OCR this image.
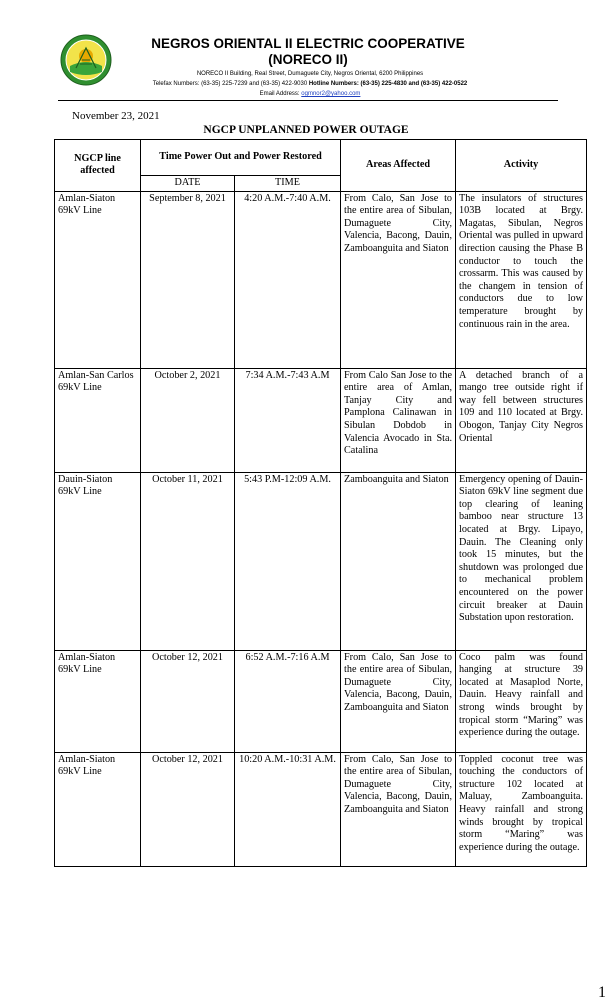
NEGROS ORIENTAL II ELECTRIC COOPERATIVE
(NORECO II)
NORECO II Building, Real Street, Dumaguete City, Negros Oriental, 6200 Philippines
Telefax Numbers: (63-35) 225-7239 and (63-35) 422-9030 Hotline Numbers: (63-35) 225-4830 and (63-35) 422-0522
Email Address: ogmnor2@yahoo.com
November 23, 2021
NGCP UNPLANNED POWER OUTAGE
NGCP line affected	Time Power Out and Power Restored		Areas Affected	Activity
	DATE	TIME		
Amlan-Siaton 69kV Line	September 8, 2021	4:20 A.M.-7:40 A.M.	From Calo, San Jose to the entire area of Sibulan, Dumaguete City, Valencia, Bacong, Dauin, Zamboanguita and Siaton	The insulators of structures 103B located at Brgy. Magatas, Sibulan, Negros Oriental was pulled in upward direction causing the Phase B conductor to touch the crossarm. This was caused by the changem in tension of conductors due to low temperature brought by continuous rain in the area.
Amlan-San Carlos 69kV Line	October 2, 2021	7:34 A.M.-7:43 A.M	From Calo San Jose to the entire area of Amlan, Tanjay City and Pamplona Calinawan in Sibulan Dobdob in Valencia Avocado in Sta. Catalina	A detached branch of a mango tree outside right if way fell between structures 109 and 110 located at Brgy. Obogon, Tanjay City Negros Oriental
Dauin-Siaton 69kV Line	October 11, 2021	5:43 P.M-12:09 A.M.	Zamboanguita and Siaton	Emergency opening of Dauin-Siaton 69kV line segment due top clearing of leaning bamboo near structure 13 located at Brgy. Lipayo, Dauin. The Cleaning only took 15 minutes, but the shutdown was prolonged due to mechanical problem encountered on the power circuit breaker at Dauin Substation upon restoration.
Amlan-Siaton 69kV Line	October 12, 2021	6:52 A.M.-7:16 A.M	From Calo, San Jose to the entire area of Sibulan, Dumaguete City, Valencia, Bacong, Dauin, Zamboanguita and Siaton	Coco palm was found hanging at structure 39 located at Masaplod Norte, Dauin. Heavy rainfall and strong winds brought by tropical storm “Maring” was experience during the outage.
Amlan-Siaton 69kV Line	October 12, 2021	10:20 A.M.-10:31 A.M.	From Calo, San Jose to the entire area of Sibulan, Dumaguete City, Valencia, Bacong, Dauin, Zamboanguita and Siaton	Toppled coconut tree was touching the conductors of structure 102 located at Maluay, Zamboanguita. Heavy rainfall and strong winds brought by tropical storm “Maring” was experience during the outage.
1
